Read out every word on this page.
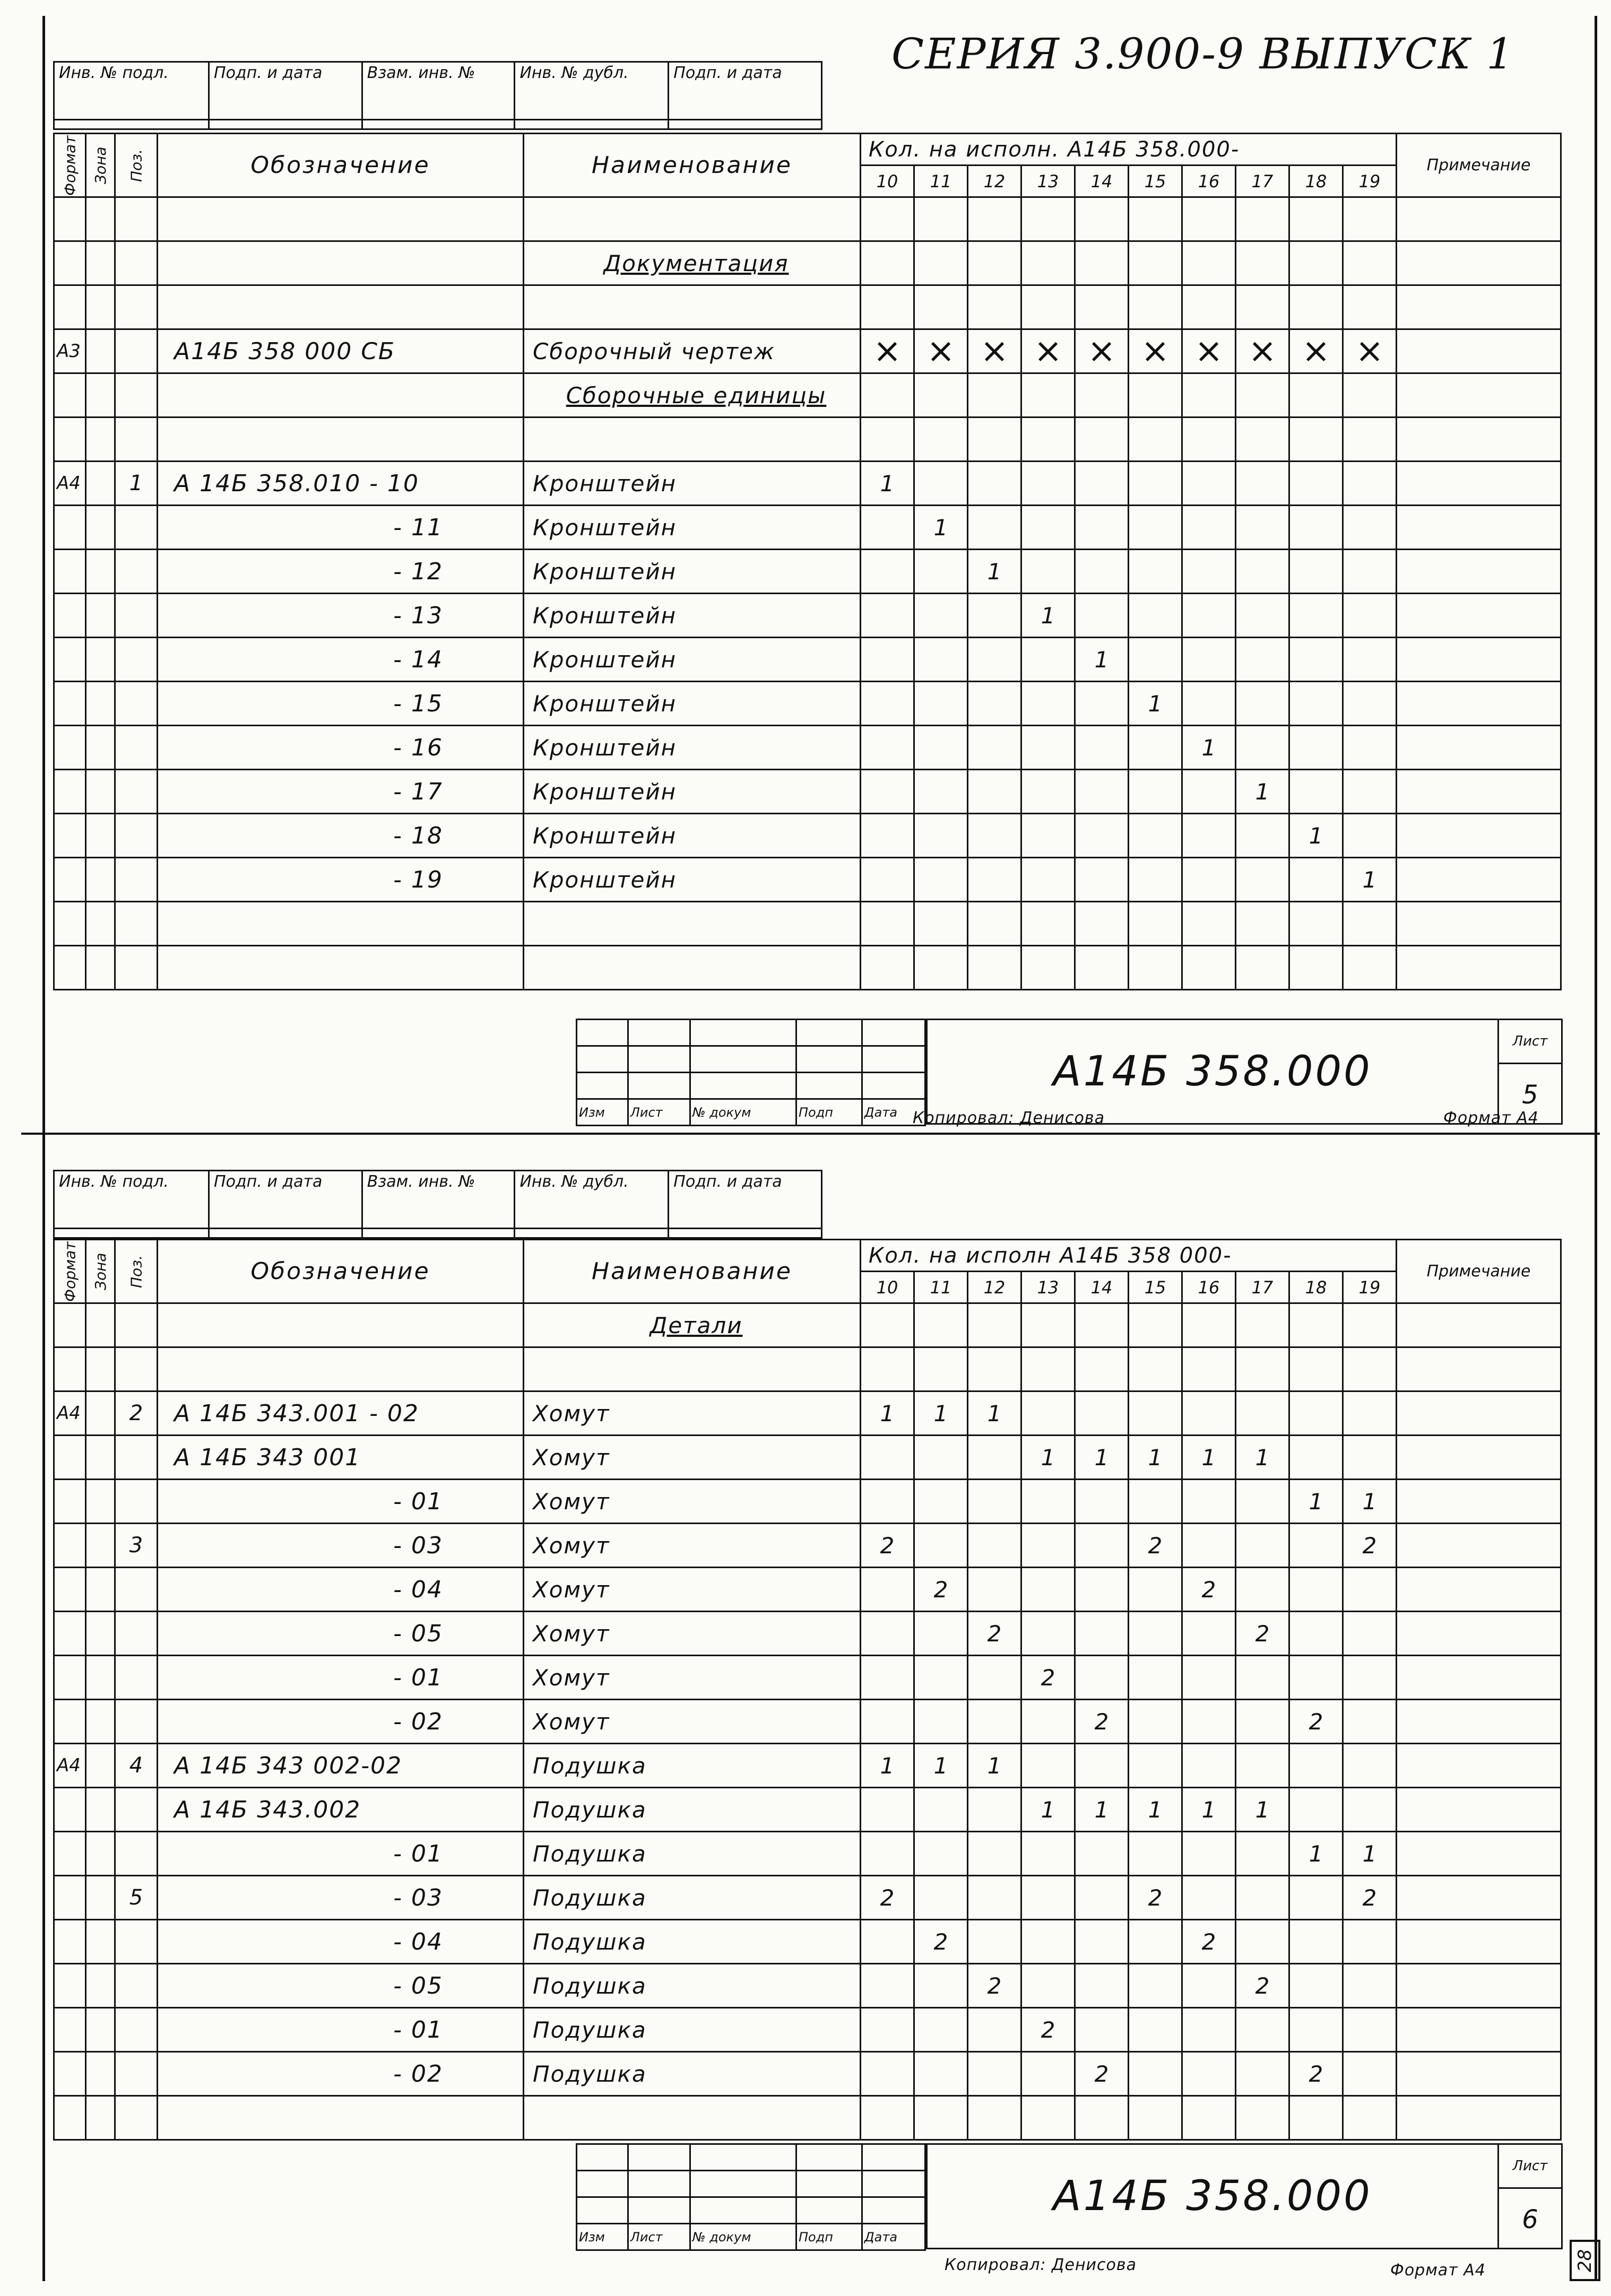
СЕРИЯ 3.900-9 ВЫПУСК 1
Инв. № подл.	Подп. и дата	Взам. инв. №	Инв. № дубл.	Подп. и дата

Формат	Зона	Поз.	Обозначение	Наименование	Кол. на исполн. А14Б 358.000-										Примечание
					10	11	12	13	14	15	16	17	18	19	

				Документация											

А3			А14Б 358 000 СБ	Сборочный чертеж	×	×	×	×	×	×	×	×	×	×	
				Сборочные единицы											

А4		1	А 14Б 358.010 - 10	Кронштейн	1										
			- 11	Кронштейн		1									
			- 12	Кронштейн			1								
			- 13	Кронштейн				1							
			- 14	Кронштейн					1						
			- 15	Кронштейн						1					
			- 16	Кронштейн							1				
			- 17	Кронштейн								1			
			- 18	Кронштейн									1		
			- 19	Кронштейн										1	

Изм	Лист	№ докум	Подп	Дата
А14Б 358.000
Лист
5
Копировал: Денисова	Формат А4
Инв. № подл.	Подп. и дата	Взам. инв. №	Инв. № дубл.	Подп. и дата

Формат	Зона	Поз.	Обозначение	Наименование	Кол. на исполн А14Б 358 000-										Примечание
					10	11	12	13	14	15	16	17	18	19	
				Детали											

А4		2	А 14Б 343.001 - 02	Хомут	1	1	1								
			А 14Б 343 001	Хомут				1	1	1	1	1			
			- 01	Хомут									1	1	
		3	- 03	Хомут	2					2				2	
			- 04	Хомут		2					2				
			- 05	Хомут			2					2			
			- 01	Хомут				2							
			- 02	Хомут					2				2		
А4		4	А 14Б 343 002-02	Подушка	1	1	1								
			А 14Б 343.002	Подушка				1	1	1	1	1			
			- 01	Подушка									1	1	
		5	- 03	Подушка	2					2				2	
			- 04	Подушка		2					2				
			- 05	Подушка			2					2			
			- 01	Подушка				2							
			- 02	Подушка					2				2		

Изм	Лист	№ докум	Подп	Дата
А14Б 358.000
Лист
6
Копировал: Денисова	Формат А4	28
